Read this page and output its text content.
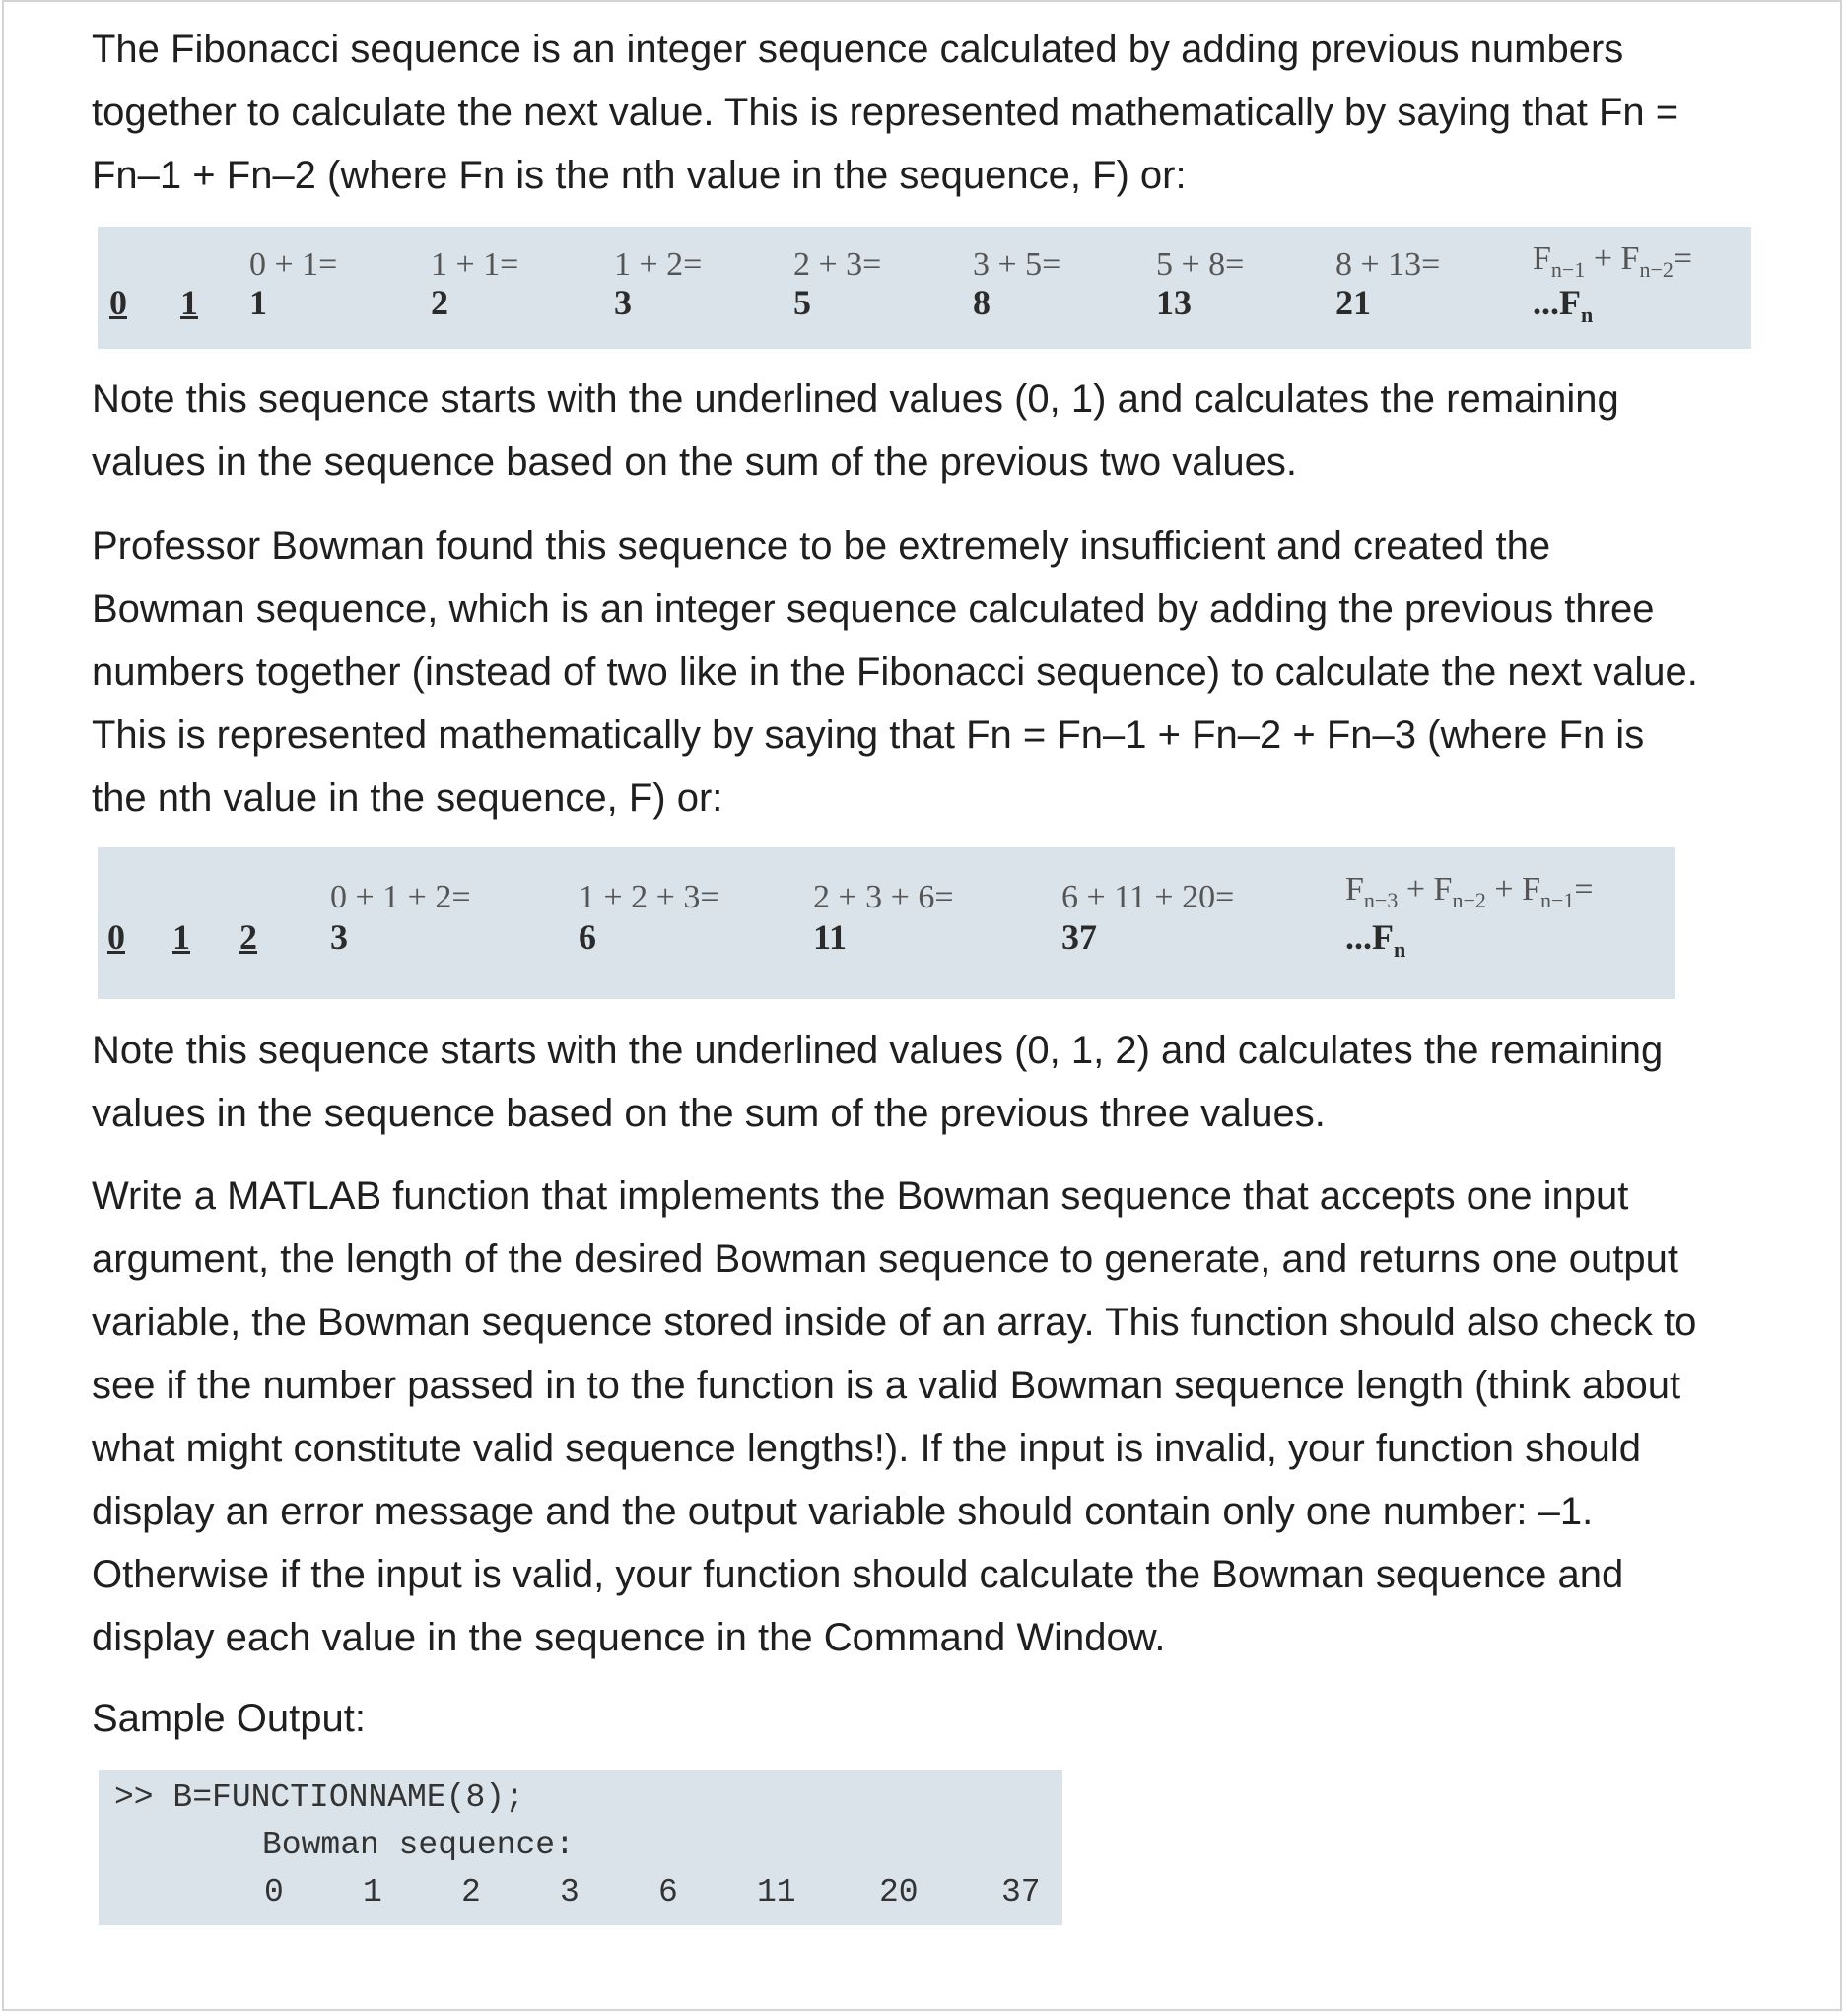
The Fibonacci sequence is an integer sequence calculated by adding previous numbers
together to calculate the next value. This is represented mathematically by saying that Fn =
Fn–1 + Fn–2 (where Fn is the nth value in the sequence, F) or:
0 1
0 + 1=
1
1 + 1=
2
1 + 2=
3
2 + 3=
5
3 + 5=
8
5 + 8=
13
8 + 13=
21
$F_{n-1} + F_{n-2}=$
$...F_n$
Note this sequence starts with the underlined values (0, 1) and calculates the remaining
values in the sequence based on the sum of the previous two values.
Professor Bowman found this sequence to be extremely insufficient and created the
Bowman sequence, which is an integer sequence calculated by adding the previous three
numbers together (instead of two like in the Fibonacci sequence) to calculate the next value.
This is represented mathematically by saying that Fn = Fn–1 + Fn–2 + Fn–3 (where Fn is
the nth value in the sequence, F) or:
0 1 2
0 + 1 + 2=
3
1 + 2 + 3=
6
2 + 3 + 6=
11
6 + 11 + 20=
37
$F_{n-3} + F_{n-2} + F_{n-1}=$
$...F_n$
Note this sequence starts with the underlined values (0, 1, 2) and calculates the remaining
values in the sequence based on the sum of the previous three values.
Write a MATLAB function that implements the Bowman sequence that accepts one input
argument, the length of the desired Bowman sequence to generate, and returns one output
variable, the Bowman sequence stored inside of an array. This function should also check to
see if the number passed in to the function is a valid Bowman sequence length (think about
what might constitute valid sequence lengths!). If the input is invalid, your function should
display an error message and the output variable should contain only one number: –1.
Otherwise if the input is valid, your function should calculate the Bowman sequence and
display each value in the sequence in the Command Window.
Sample Output:
>> B=FUNCTIONNAME(8);
Bowman sequence:
0 1 2 3 6 11	20	37
